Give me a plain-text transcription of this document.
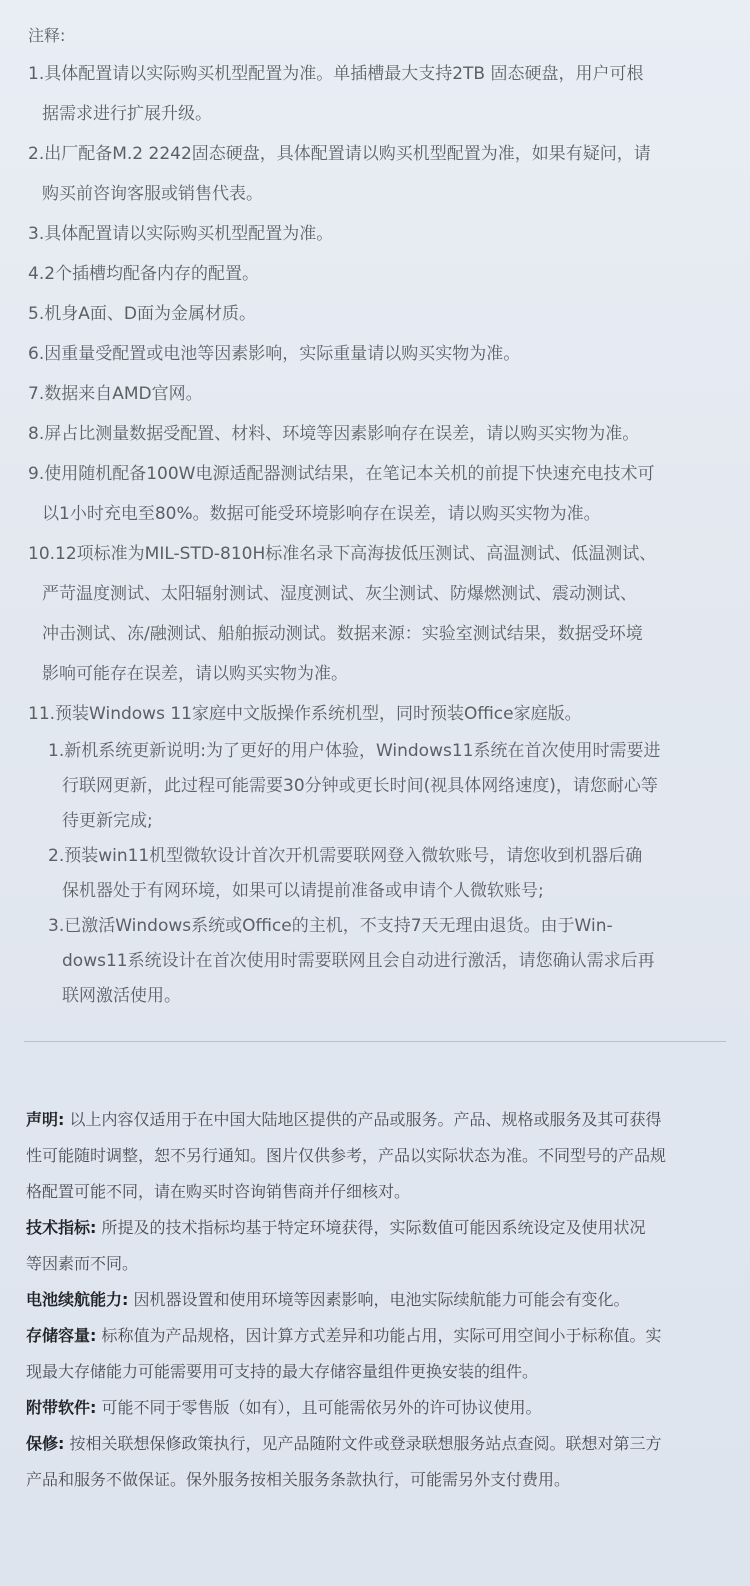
注释:
1.具体配置请以实际购买机型配置为准。单插槽最大支持2TB 固态硬盘，用户可根
据需求进行扩展升级。
2.出厂配备M.2 2242固态硬盘，具体配置请以购买机型配置为准，如果有疑问，请
购买前咨询客服或销售代表。
3.具体配置请以实际购买机型配置为准。
4.2个插槽均配备内存的配置。
5.机身A面、D面为金属材质。
6.因重量受配置或电池等因素影响，实际重量请以购买实物为准。
7.数据来自AMD官网。
8.屏占比测量数据受配置、材料、环境等因素影响存在误差，请以购买实物为准。
9.使用随机配备100W电源适配器测试结果，在笔记本关机的前提下快速充电技术可
以1小时充电至80%。数据可能受环境影响存在误差，请以购买实物为准。
10.12项标准为MIL-STD-810H标准名录下高海拔低压测试、高温测试、低温测试、
严苛温度测试、太阳辐射测试、湿度测试、灰尘测试、防爆燃测试、震动测试、
冲击测试、冻/融测试、船舶振动测试。数据来源：实验室测试结果，数据受环境
影响可能存在误差，请以购买实物为准。
11.预装Windows 11家庭中文版操作系统机型，同时预装Office家庭版。
1.新机系统更新说明:为了更好的用户体验，Windows11系统在首次使用时需要进
行联网更新，此过程可能需要30分钟或更长时间(视具体网络速度)，请您耐心等
待更新完成;
2.预装win11机型微软设计首次开机需要联网登入微软账号，请您收到机器后确
保机器处于有网环境，如果可以请提前准备或申请个人微软账号;
3.已激活Windows系统或Office的主机，不支持7天无理由退货。由于Win-
dows11系统设计在首次使用时需要联网且会自动进行激活，请您确认需求后再
联网激活使用。
声明: 以上内容仅适用于在中国大陆地区提供的产品或服务。产品、规格或服务及其可获得
性可能随时调整，恕不另行通知。图片仅供参考，产品以实际状态为准。不同型号的产品规
格配置可能不同，请在购买时咨询销售商并仔细核对。
技术指标: 所提及的技术指标均基于特定环境获得，实际数值可能因系统设定及使用状况
等因素而不同。
电池续航能力: 因机器设置和使用环境等因素影响，电池实际续航能力可能会有变化。
存储容量: 标称值为产品规格，因计算方式差异和功能占用，实际可用空间小于标称值。实
现最大存储能力可能需要用可支持的最大存储容量组件更换安装的组件。
附带软件: 可能不同于零售版（如有），且可能需依另外的许可协议使用。
保修: 按相关联想保修政策执行，见产品随附文件或登录联想服务站点查阅。联想对第三方
产品和服务不做保证。保外服务按相关服务条款执行，可能需另外支付费用。
